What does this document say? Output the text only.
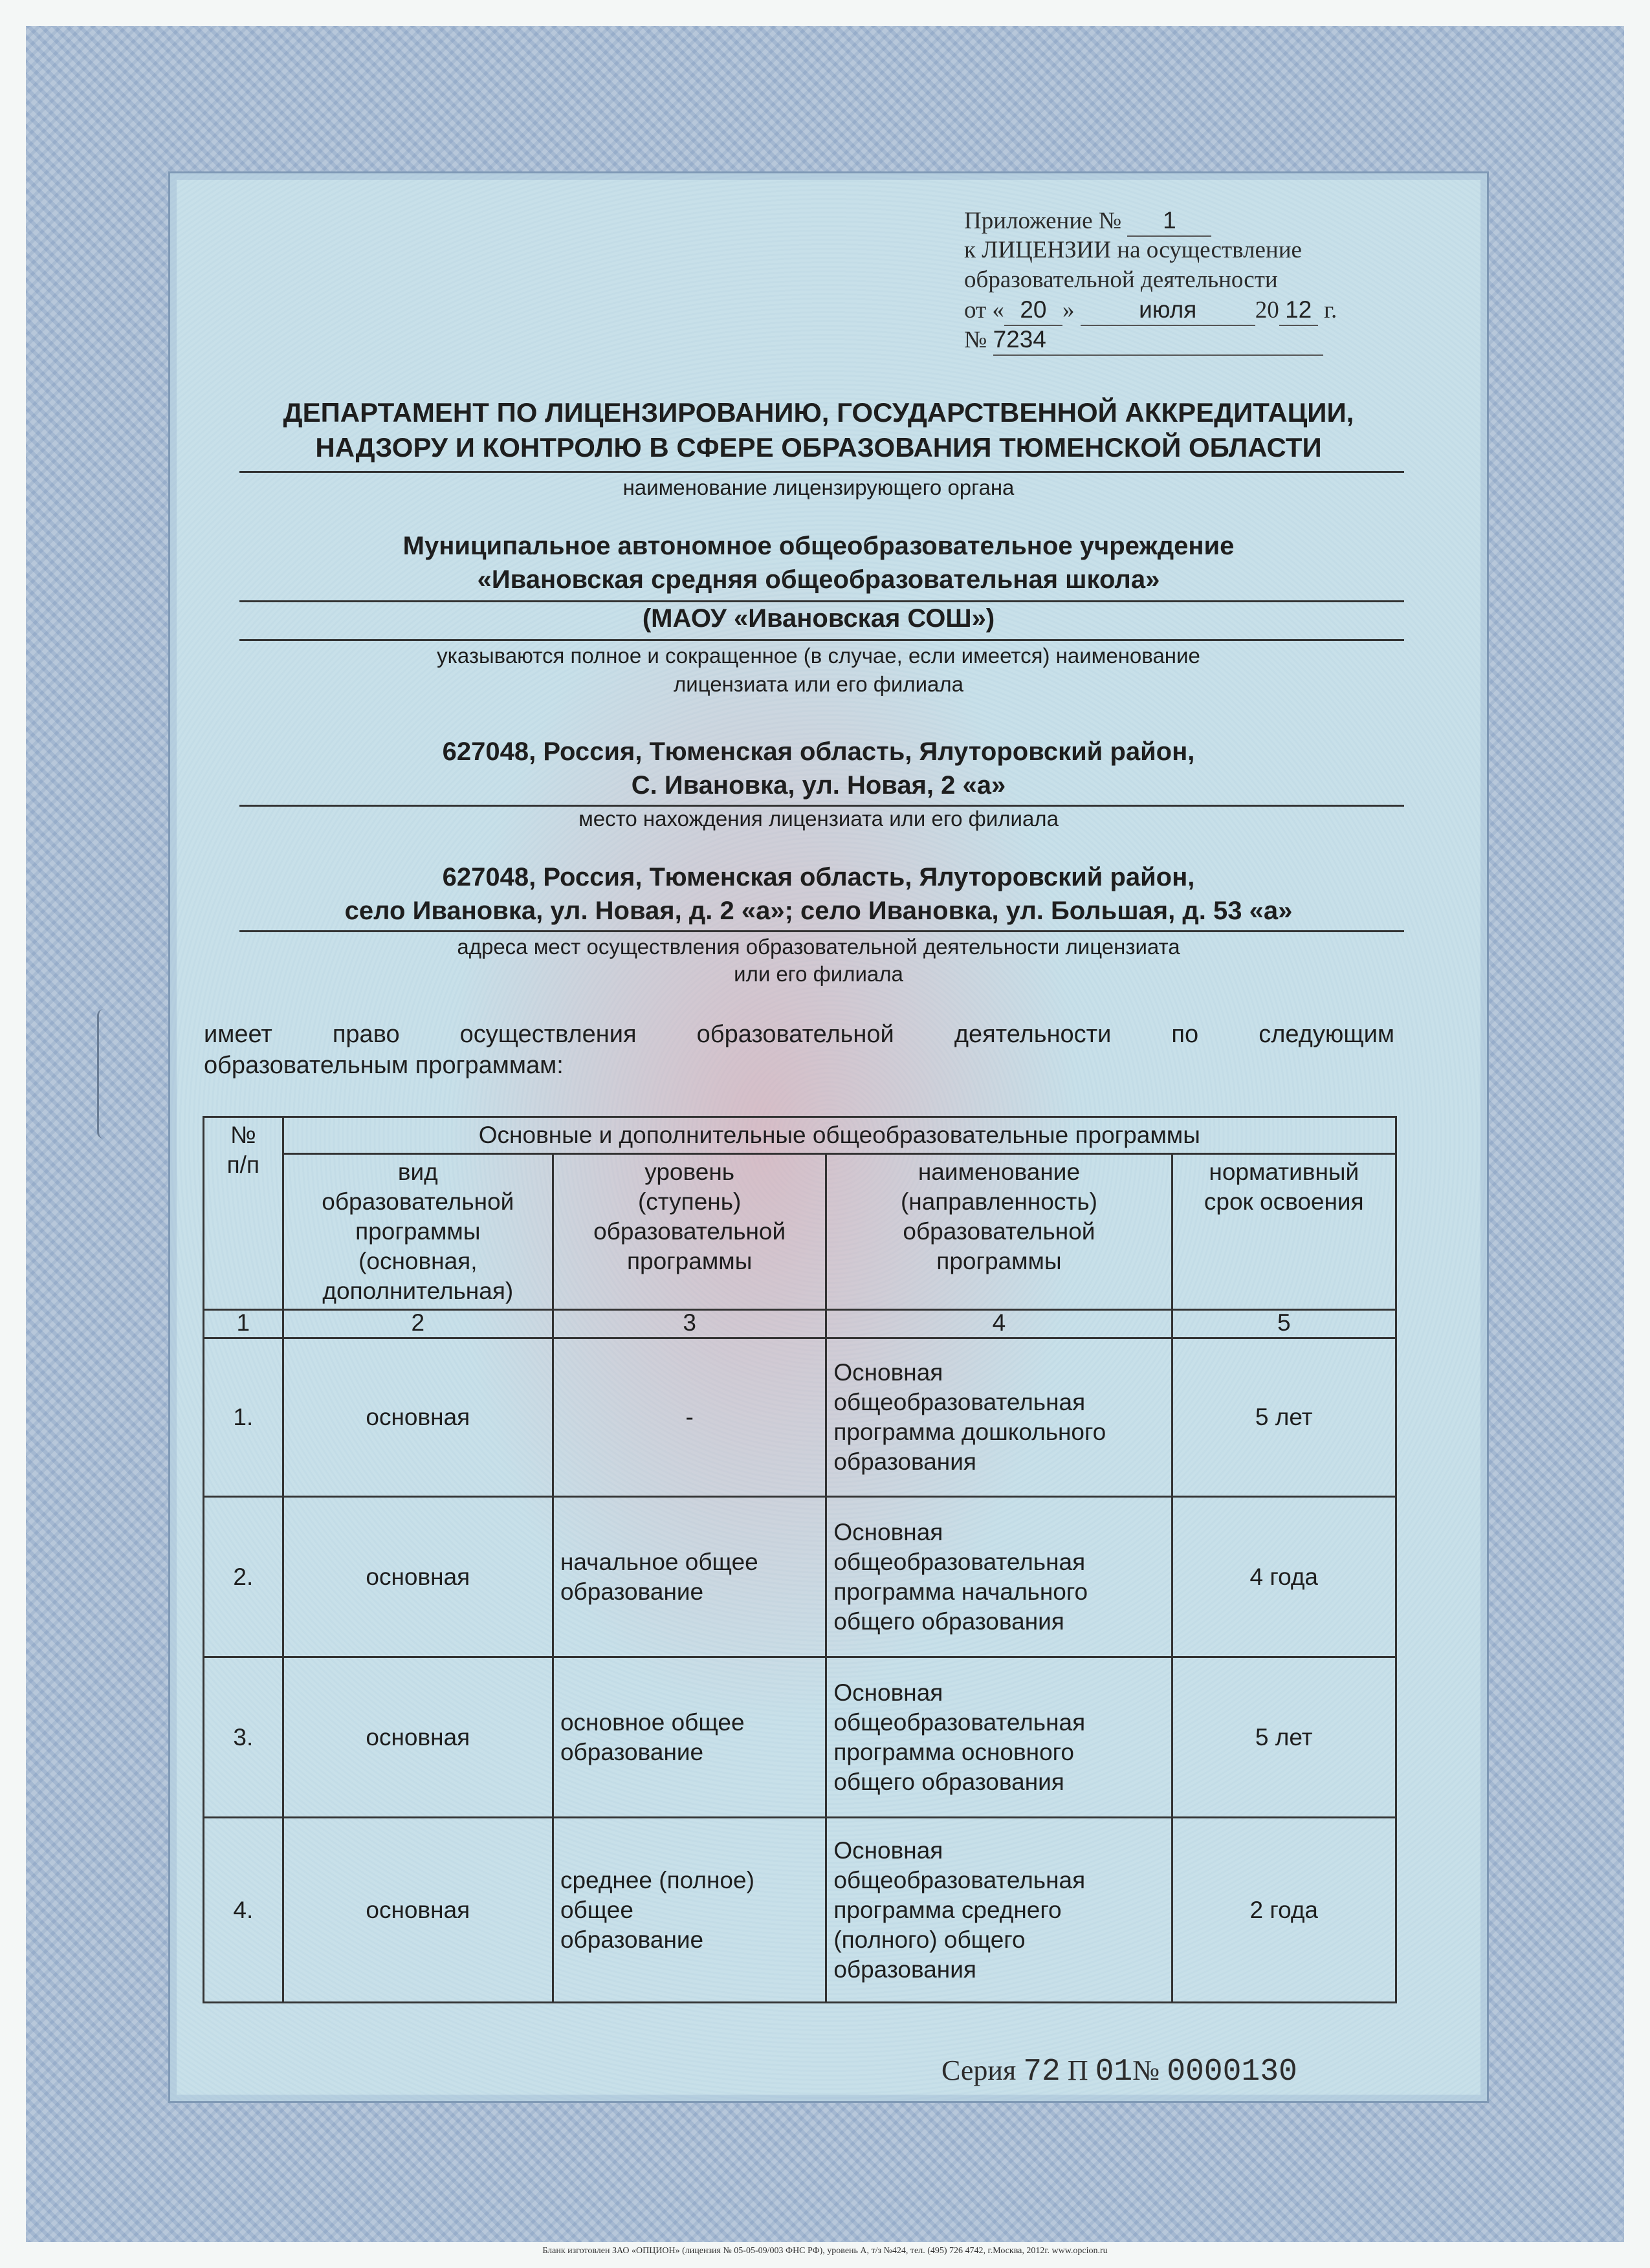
Приложение № 1
к ЛИЦЕНЗИИ на осуществление
образовательной деятельности
от « 20 »	июля 20 12 г.
№ 7234
ДЕПАРТАМЕНТ ПО ЛИЦЕНЗИРОВАНИЮ, ГОСУДАРСТВЕННОЙ АККРЕДИТАЦИИ,
НАДЗОРУ И КОНТРОЛЮ В СФЕРЕ ОБРАЗОВАНИЯ ТЮМЕНСКОЙ ОБЛАСТИ
наименование лицензирующего органа
Муниципальное автономное общеобразовательное учреждение
«Ивановская средняя общеобразовательная школа»
(МАОУ «Ивановская СОШ»)
указываются полное и сокращенное (в случае, если имеется) наименование
лицензиата или его филиала
627048, Россия, Тюменская область, Ялуторовский район,
С. Ивановка, ул. Новая, 2 «а»
место нахождения лицензиата или его филиала
627048, Россия, Тюменская область, Ялуторовский район,
село Ивановка, ул. Новая, д. 2 «а»; село Ивановка, ул. Большая, д. 53 «а»
адреса мест осуществления образовательной деятельности лицензиата
или его филиала
имеет право осуществления образовательной деятельности по следующим
образовательным программам:
№
п/п	Основные и дополнительные общеобразовательные программы			
	вид
образовательной
программы
(основная,
дополнительная)	уровень
(ступень)
образовательной
программы	наименование
(направленность)
образовательной
программы	нормативный
срок освоения
1	2	3	4	5
1.	основная	-	Основная
общеобразовательная
программа дошкольного
образования	5 лет
2.	основная	начальное общее
образование	Основная
общеобразовательная
программа начального
общего образования	4 года
3.	основная	основное общее
образование	Основная
общеобразовательная
программа основного
общего образования	5 лет
4.	основная	среднее (полное)
общее
образование	Основная
общеобразовательная
программа среднего
(полного) общего
образования	2 года
Серия 72 П 01№ 0000130
Бланк изготовлен ЗАО «ОПЦИОН» (лицензия № 05-05-09/003 ФНС РФ), уровень А, т/з №424, тел. (495) 726 4742, г.Москва, 2012г. www.opcion.ru
